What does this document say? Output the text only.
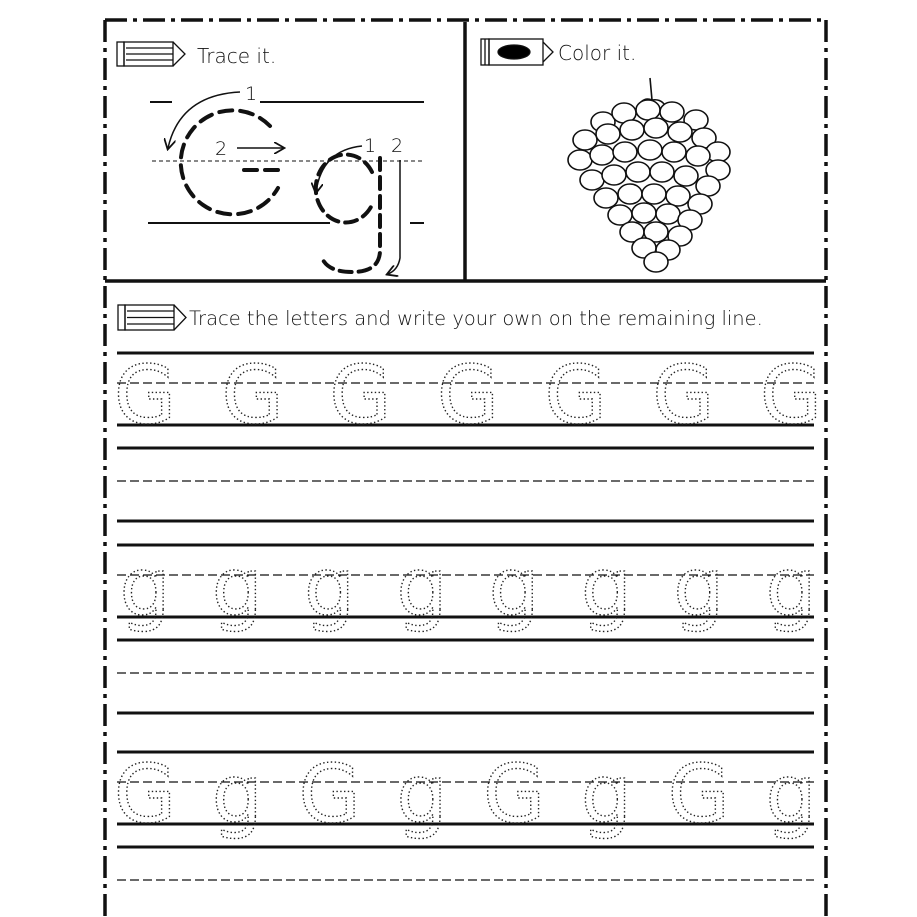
Trace it.
1
2	1 2
Color it.
Trace the letters and write your own on the remaining line.
G G G G G G G
g g g g g g g g
G g G g G g G g
